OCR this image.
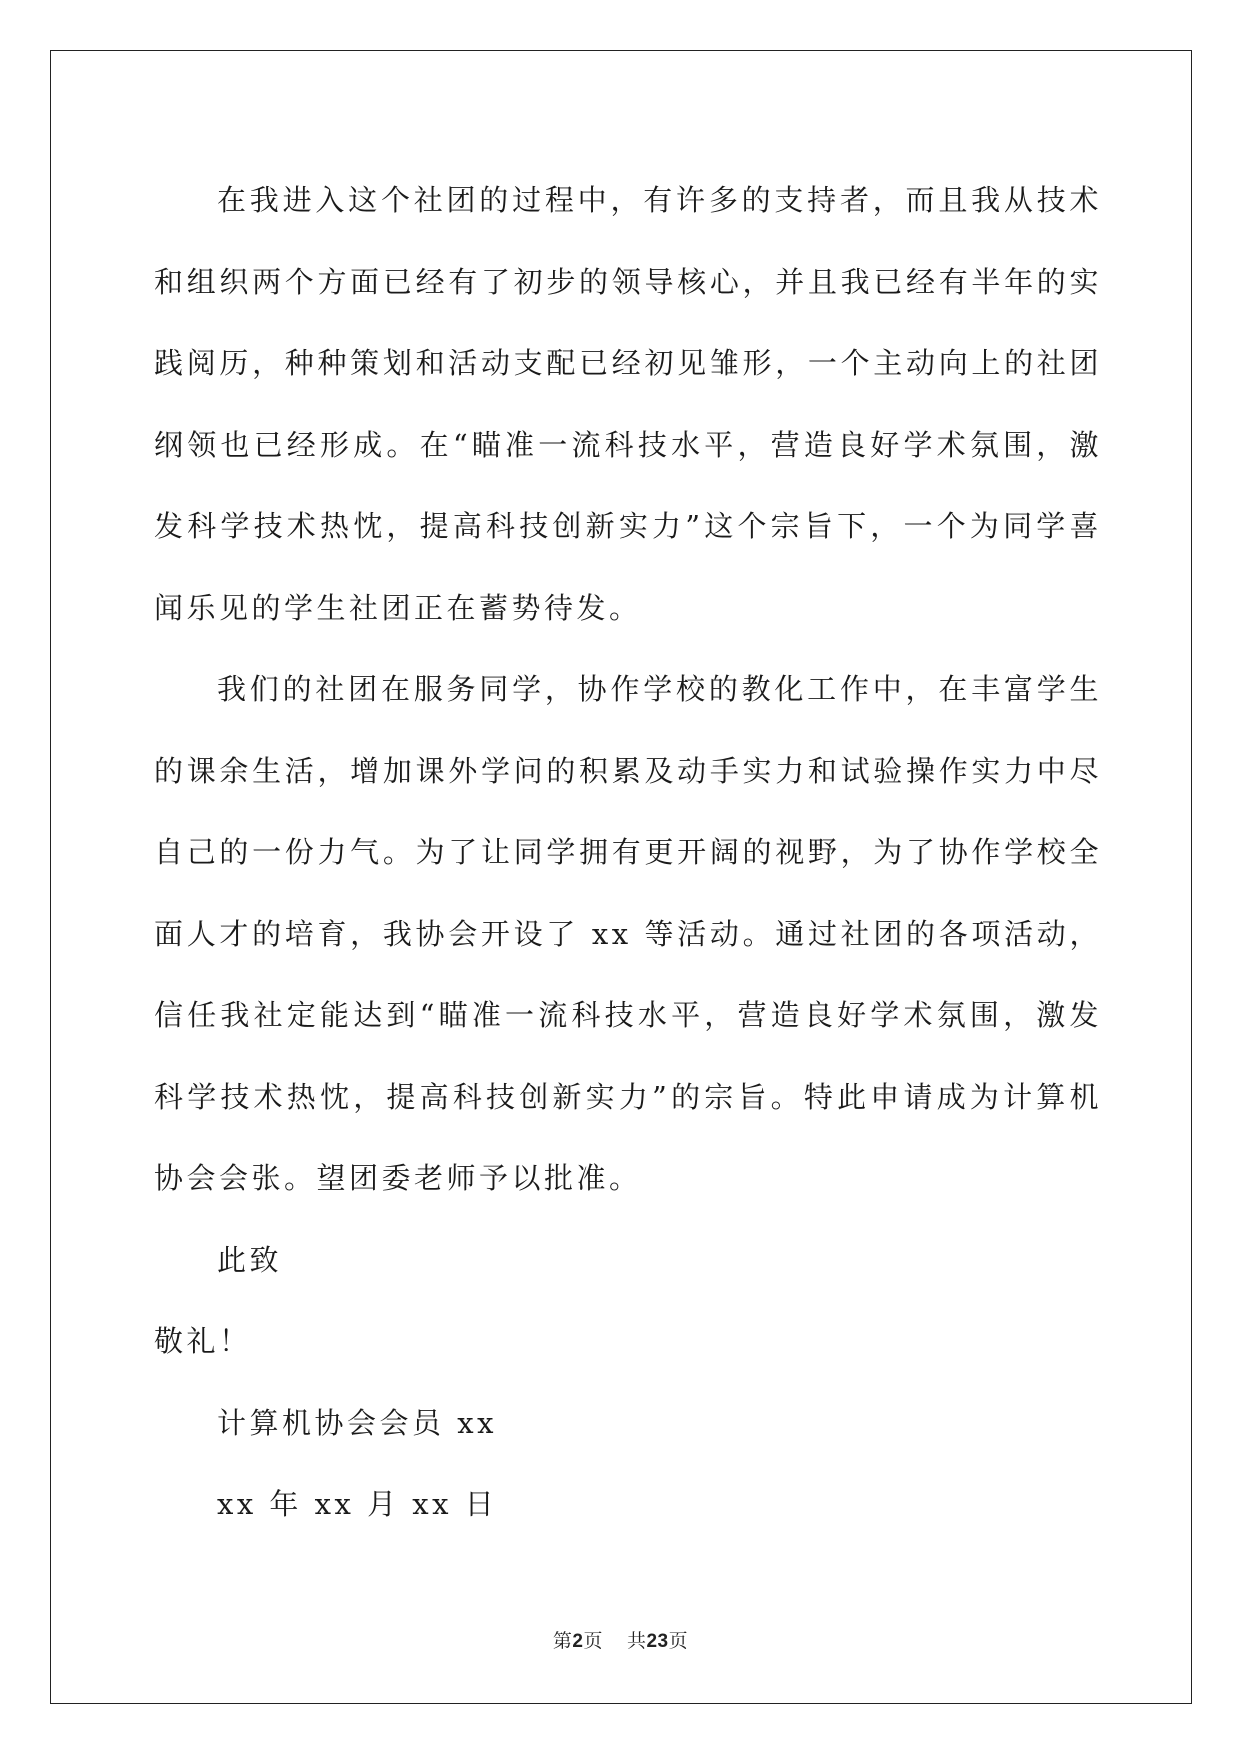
在我进入这个社团的过程中，有许多的支持者，而且我从技术和组织两个方面已经有了初步的领导核心，并且我已经有半年的实践阅历，种种策划和活动支配已经初见雏形，一个主动向上的社团纲领也已经形成。在“瞄准一流科技水平，营造良好学术氛围，激发科学技术热忱，提高科技创新实力”这个宗旨下，一个为同学喜闻乐见的学生社团正在蓄势待发。

我们的社团在服务同学，协作学校的教化工作中，在丰富学生的课余生活，增加课外学问的积累及动手实力和试验操作实力中尽自己的一份力气。为了让同学拥有更开阔的视野，为了协作学校全面人才的培育，我协会开设了 xx 等活动。通过社团的各项活动，信任我社定能达到“瞄准一流科技水平，营造良好学术氛围，激发科学技术热忱，提高科技创新实力”的宗旨。特此申请成为计算机协会会张。望团委老师予以批准。

此致

敬礼！

计算机协会会员 xx

xx 年 xx 月 xx 日

第2页 共23页
